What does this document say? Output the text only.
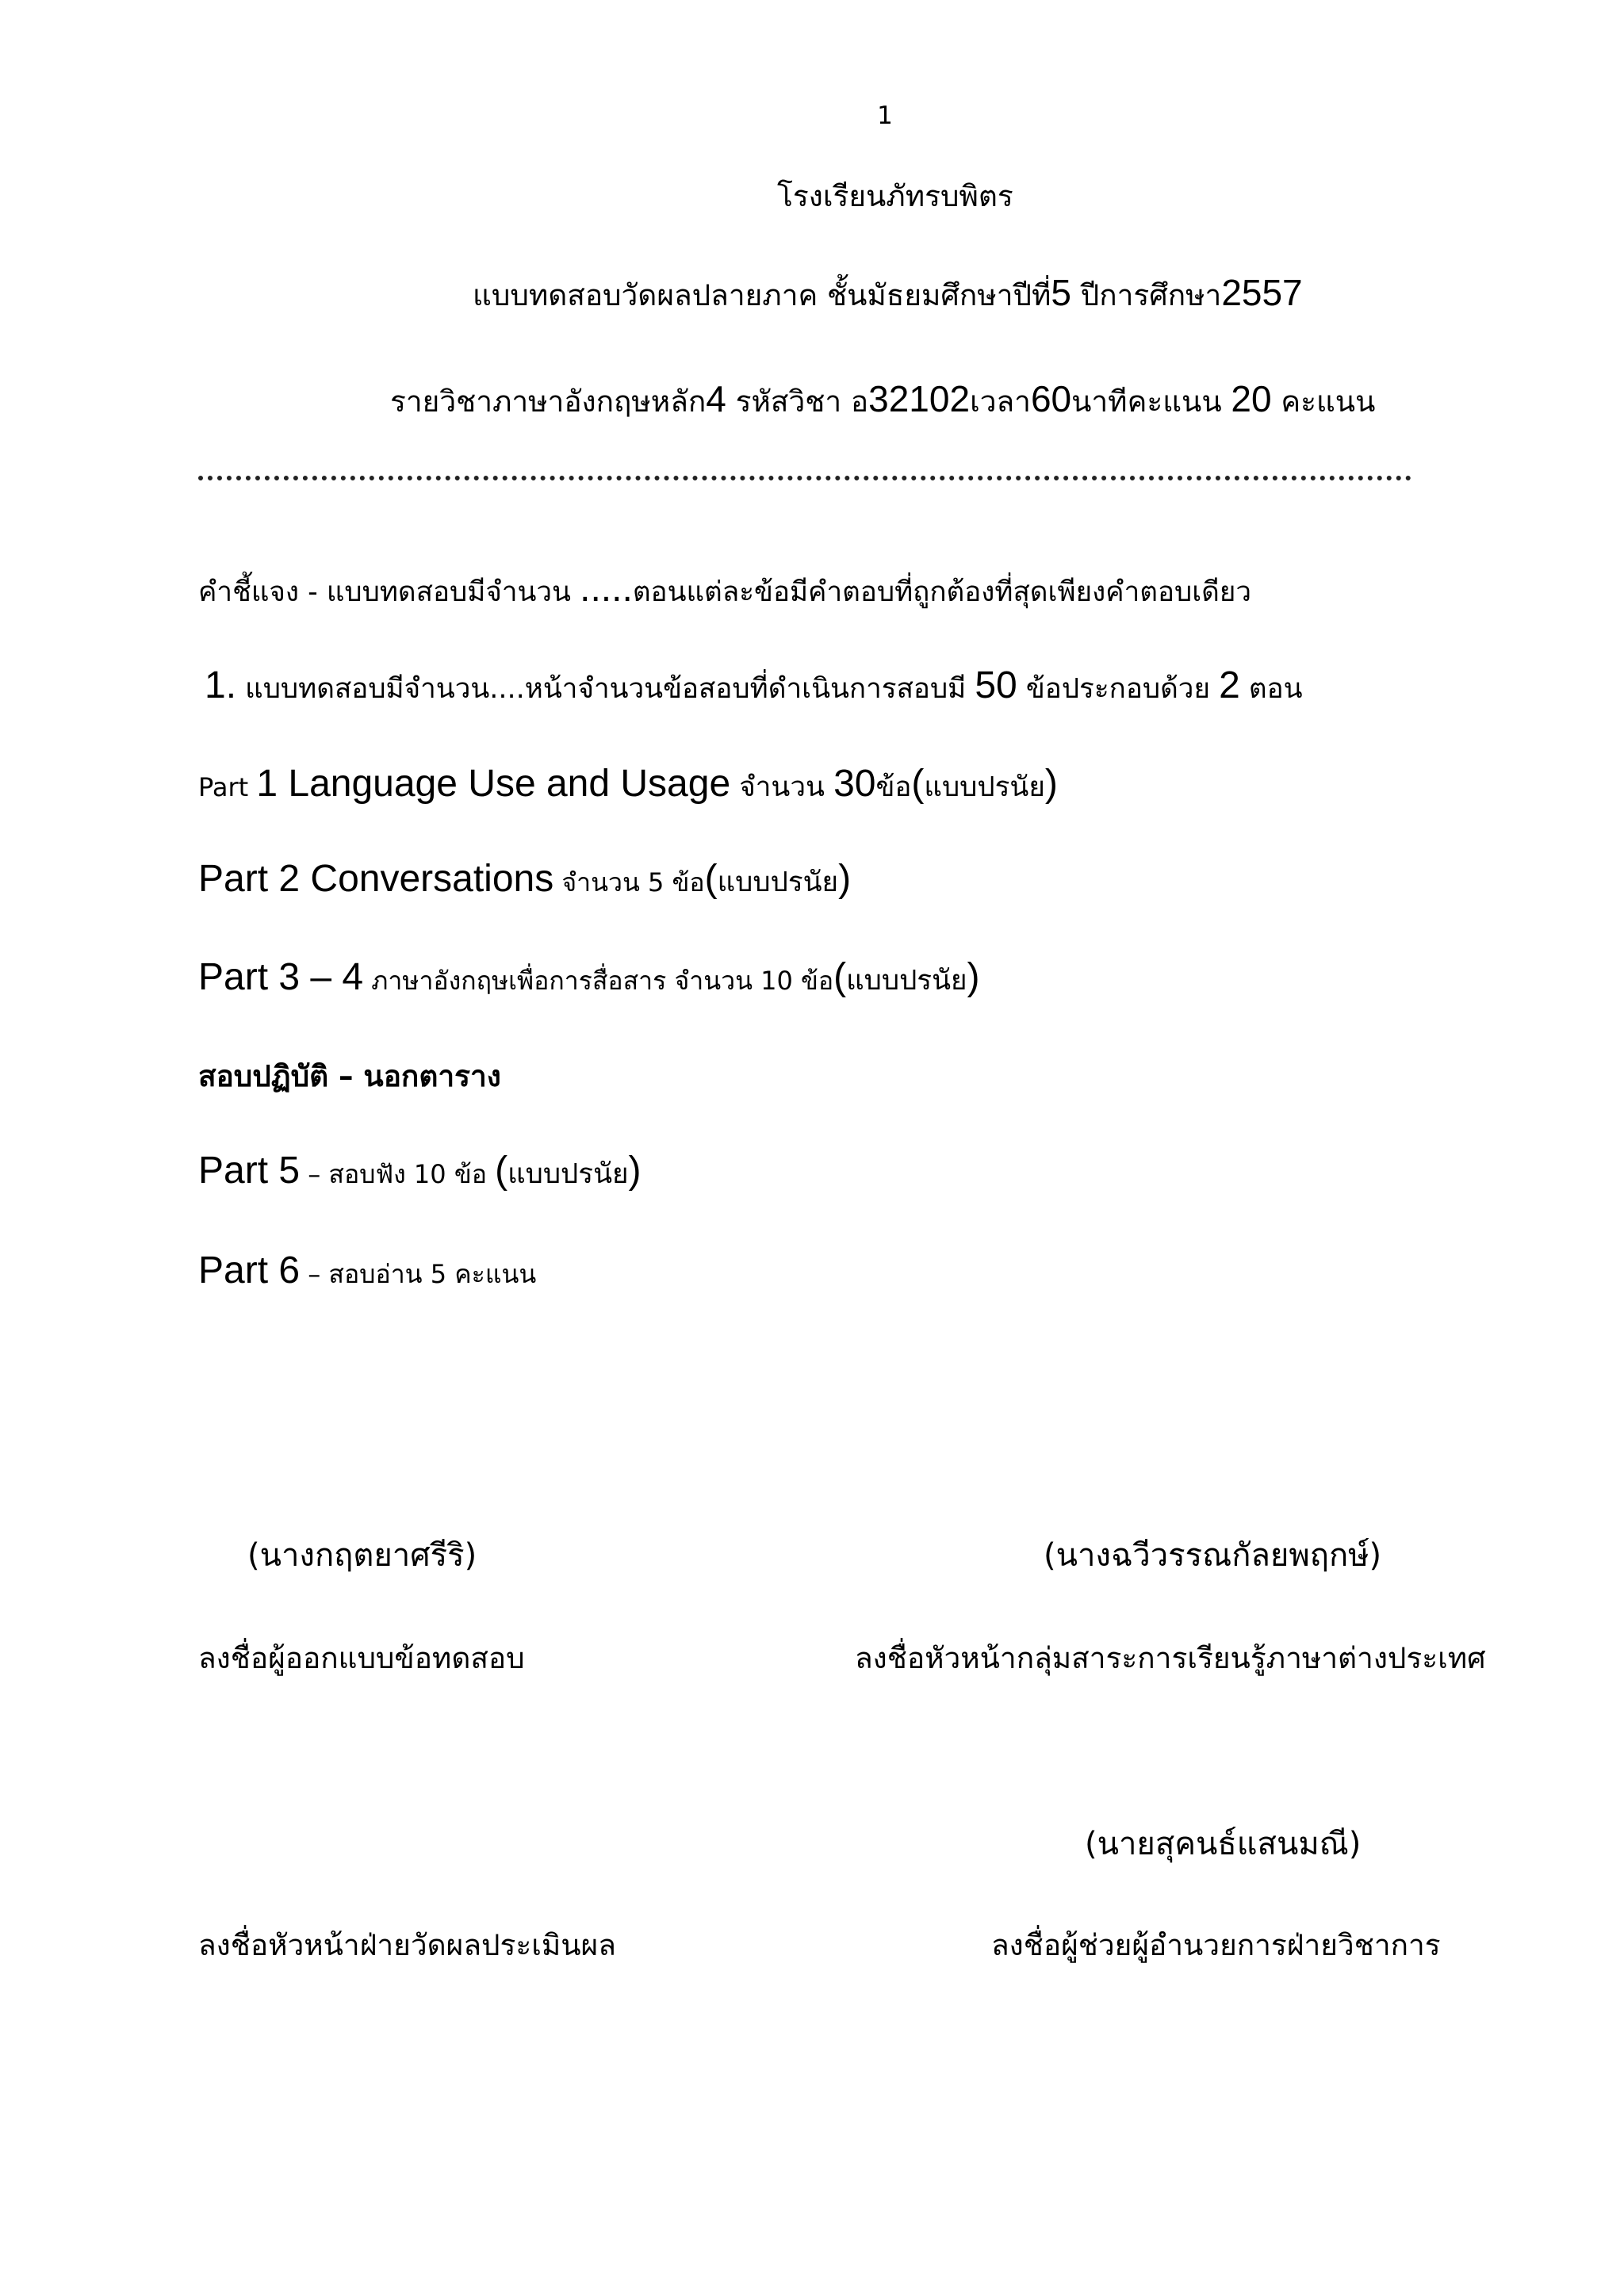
1
โรงเรียนภัทรบพิตร
แบบทดสอบวัดผลปลายภาค ชั้นมัธยมศึกษาปีที่5 ปีการศึกษา2557
รายวิชาภาษาอังกฤษหลัก4 รหัสวิชา อ32102เวลา60นาทีคะแนน 20 คะแนน
คำชี้แจง - แบบทดสอบมีจำนวน .....ตอนแต่ละข้อมีคำตอบที่ถูกต้องที่สุดเพียงคำตอบเดียว
1. แบบทดสอบมีจำนวน....หน้าจำนวนข้อสอบที่ดำเนินการสอบมี 50 ข้อประกอบด้วย 2 ตอน
Part 1 Language Use and Usage จำนวน 30ข้อ(แบบปรนัย)
Part 2 Conversations จำนวน 5 ข้อ(แบบปรนัย)
Part 3 – 4 ภาษาอังกฤษเพื่อการสื่อสาร จำนวน 10 ข้อ(แบบปรนัย)
สอบปฏิบัติ – นอกตาราง
Part 5 – สอบฟัง 10 ข้อ (แบบปรนัย)
Part 6 – สอบอ่าน 5 คะแนน
(นางกฤตยาศรีริ)	(นางฉวีวรรณกัลยพฤกษ์)
ลงชื่อผู้ออกแบบข้อทดสอบ	ลงชื่อหัวหน้ากลุ่มสาระการเรียนรู้ภาษาต่างประเทศ
(นายสุคนธ์แสนมณี)
ลงชื่อหัวหน้าฝ่ายวัดผลประเมินผล	ลงชื่อผู้ช่วยผู้อำนวยการฝ่ายวิชาการ
